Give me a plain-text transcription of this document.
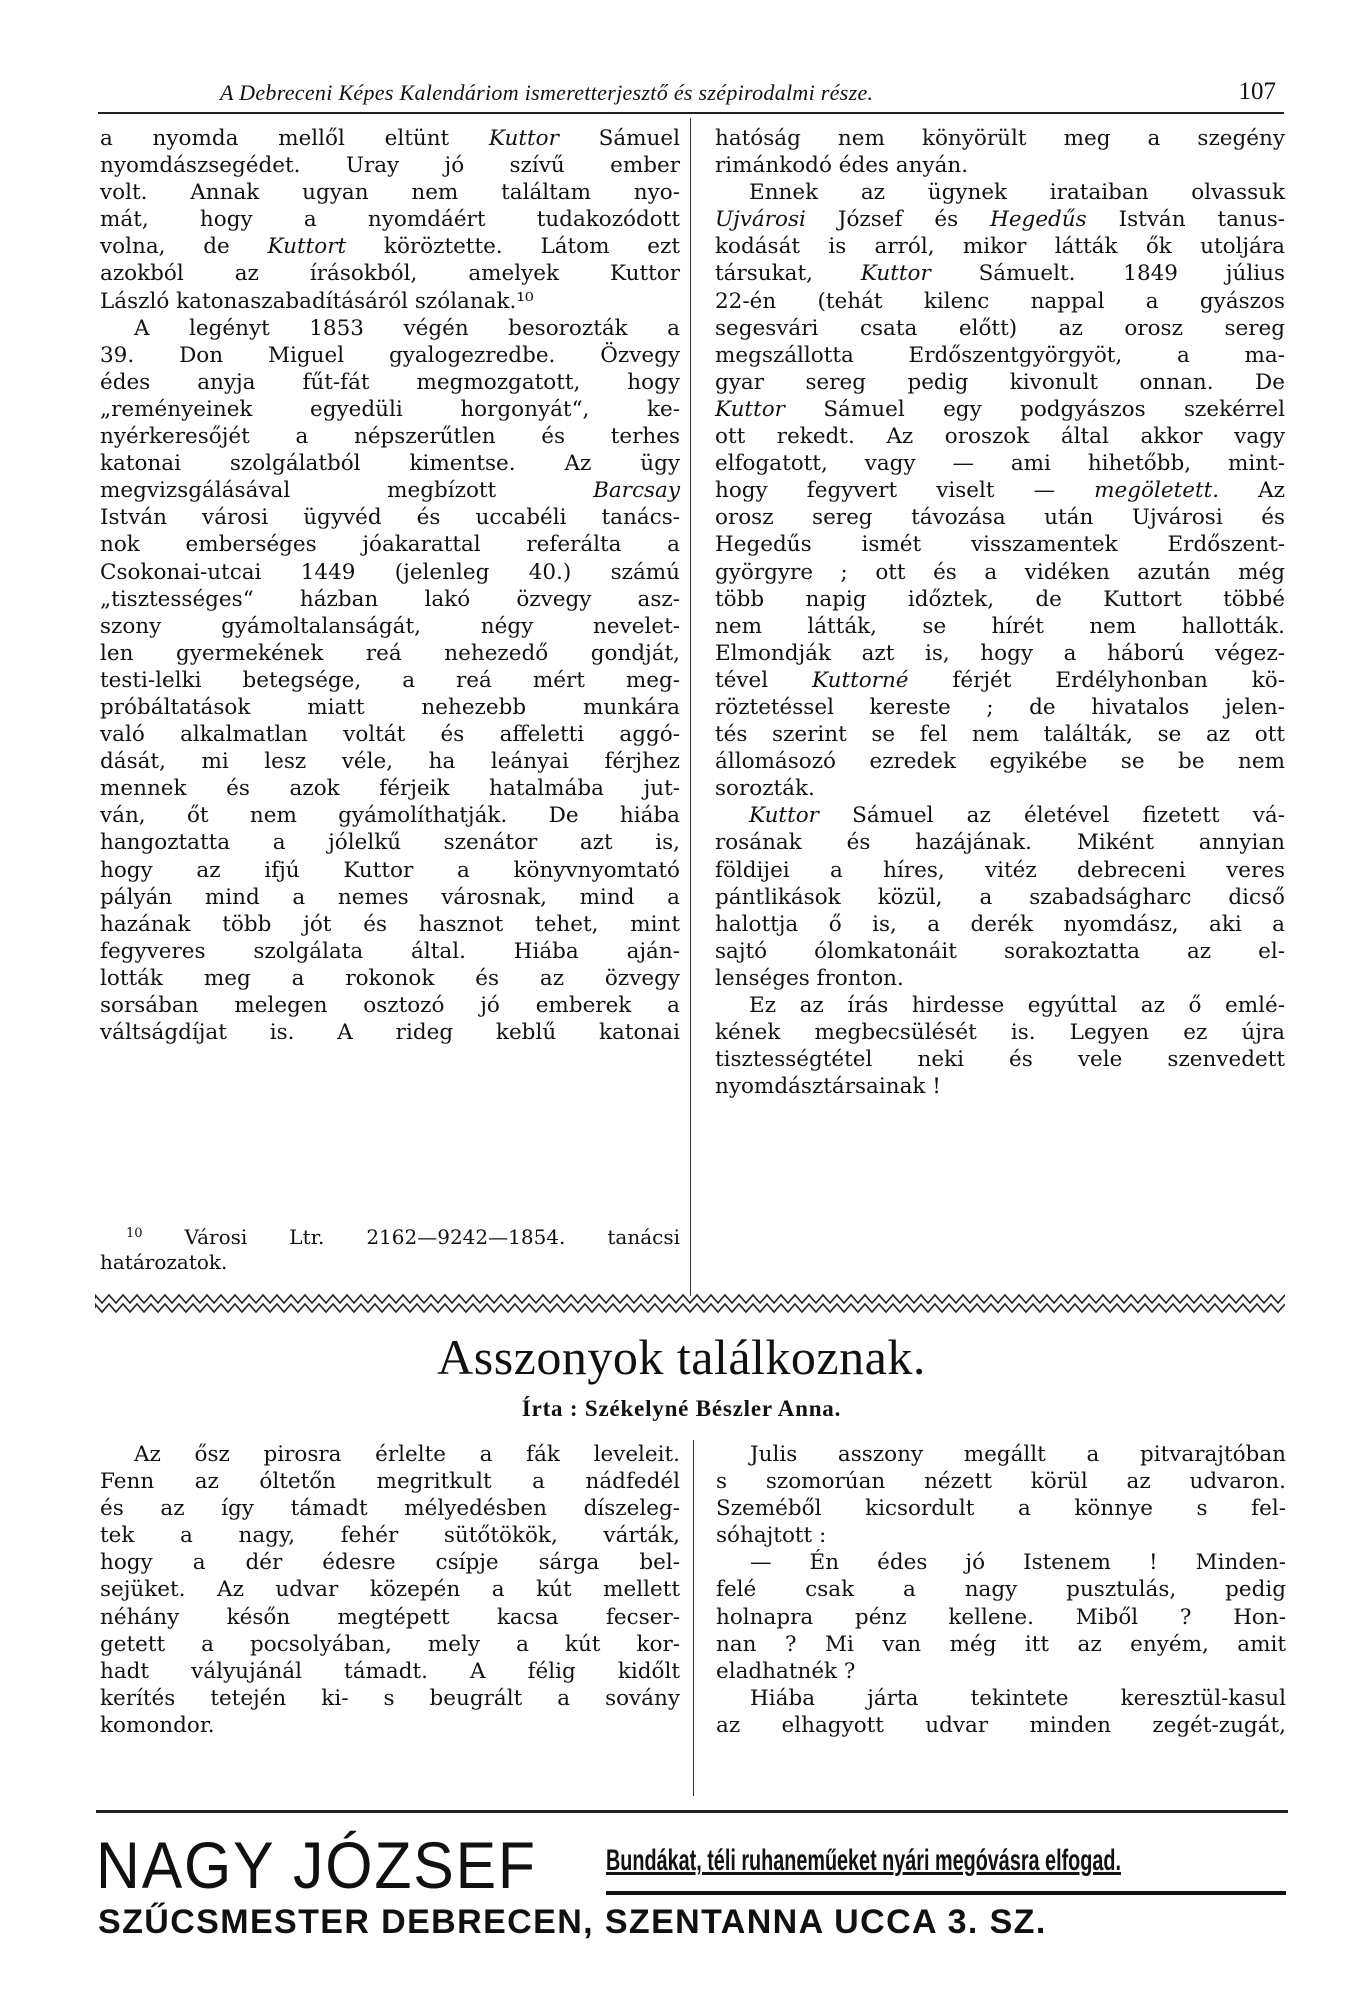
A Debreceni Képes Kalendáriom ismeretterjesztő és szépirodalmi része.	107
a nyomda mellől eltünt Kuttor Sámuel
nyomdászsegédet. Uray jó szívű ember
volt. Annak ugyan nem találtam nyo-
mát, hogy a nyomdáért tudakozódott
volna, de Kuttort köröztette. Látom ezt
azokból az írásokból, amelyek Kuttor
László katonaszabadításáról szólanak.¹⁰
A legényt 1853 végén besorozták a
39. Don Miguel gyalogezredbe. Özvegy
édes anyja fűt-fát megmozgatott, hogy
„reményeinek egyedüli horgonyát“, ke-
nyérkeresőjét a népszerűtlen és terhes
katonai szolgálatból kimentse. Az ügy
megvizsgálásával megbízott Barcsay
István városi ügyvéd és uccabéli tanács-
nok emberséges jóakarattal referálta a
Csokonai-utcai 1449 (jelenleg 40.) számú
„tisztességes“ házban lakó özvegy asz-
szony gyámoltalanságát, négy nevelet-
len gyermekének reá nehezedő gondját,
testi-lelki betegsége, a reá mért meg-
próbáltatások miatt nehezebb munkára
való alkalmatlan voltát és affeletti aggó-
dását, mi lesz véle, ha leányai férjhez
mennek és azok férjeik hatalmába jut-
ván, őt nem gyámolíthatják. De hiába
hangoztatta a jólelkű szenátor azt is,
hogy az ifjú Kuttor a könyvnyomtató
pályán mind a nemes városnak, mind a
hazának több jót és hasznot tehet, mint
fegyveres szolgálata által. Hiába aján-
lották meg a rokonok és az özvegy
sorsában melegen osztozó jó emberek a
váltságdíjat is. A rideg keblű katonai
hatóság nem könyörült meg a szegény
rimánkodó édes anyán.
Ennek az ügynek irataiban olvassuk
Ujvárosi József és Hegedűs István tanus-
kodását is arról, mikor látták ők utoljára
társukat, Kuttor Sámuelt. 1849 július
22-én (tehát kilenc nappal a gyászos
segesvári csata előtt) az orosz sereg
megszállotta Erdőszentgyörgyöt, a ma-
gyar sereg pedig kivonult onnan. De
Kuttor Sámuel egy podgyászos szekérrel
ott rekedt. Az oroszok által akkor vagy
elfogatott, vagy — ami hihetőbb, mint-
hogy fegyvert viselt — megöletett. Az
orosz sereg távozása után Ujvárosi és
Hegedűs ismét visszamentek Erdőszent-
györgyre ; ott és a vidéken azután még
több napig időztek, de Kuttort többé
nem látták, se hírét nem hallották.
Elmondják azt is, hogy a háború végez-
tével Kuttorné férjét Erdélyhonban kö-
röztetéssel kereste ; de hivatalos jelen-
tés szerint se fel nem találták, se az ott
állomásozó ezredek egyikébe se be nem
sorozták.
Kuttor Sámuel az életével fizetett vá-
rosának és hazájának. Miként annyian
földijei a híres, vitéz debreceni veres
pántlikások közül, a szabadságharc dicső
halottja ő is, a derék nyomdász, aki a
sajtó ólomkatonáit sorakoztatta az el-
lenséges fronton.
Ez az írás hirdesse egyúttal az ő emlé-
kének megbecsülését is. Legyen ez újra
tisztességtétel neki és vele szenvedett
nyomdásztársainak !
$^{10}$ Városi Ltr. 2162—9242—1854. tanácsi
határozatok.
Asszonyok találkoznak.
Írta : Székelyné Bészler Anna.
Az ősz pirosra érlelte a fák leveleit.
Fenn az óltetőn megritkult a nádfedél
és az így támadt mélyedésben díszeleg-
tek a nagy, fehér sütőtökök, várták,
hogy a dér édesre csípje sárga bel-
sejüket. Az udvar közepén a kút mellett
néhány későn megtépett kacsa fecser-
getett a pocsolyában, mely a kút kor-
hadt vályujánál támadt. A félig kidőlt
kerítés tetején ki- s beugrált a sovány
komondor.
Julis asszony megállt a pitvarajtóban
s szomorúan nézett körül az udvaron.
Szeméből kicsordult a könnye s fel-
sóhajtott :
— Én édes jó Istenem ! Minden-
felé csak a nagy pusztulás, pedig
holnapra pénz kellene. Miből ? Hon-
nan ? Mi van még itt az enyém, amit
eladhatnék ?
Hiába járta tekintete keresztül-kasul
az elhagyott udvar minden zegét-zugát,
NAGY JÓZSEF Bundákat, téli ruhaneműeket nyári megóvásra elfogad.
SZŰCSMESTER DEBRECEN, SZENTANNA UCCA 3. SZ.
